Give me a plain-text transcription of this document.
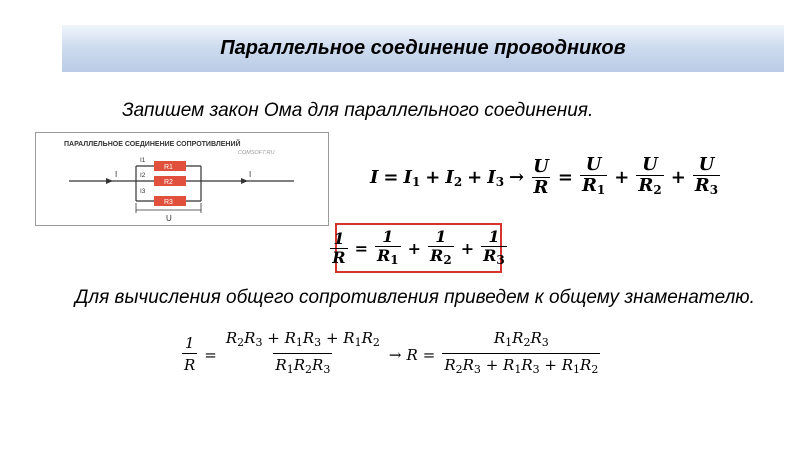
Параллельное соединение проводников
Запишем закон Ома для параллельного соединения.
ПАРАЛЛЕЛЬНОЕ СОЕДИНЕНИЕ СОПРОТИВЛЕНИЙ
COMSOFT.RU
I
R1
R2
R3
I1
I2
I3
I
U
$I = I_1 + I_2 + I_3 \to \frac{U}{R} = \frac{U}{R_1} + \frac{U}{R_2} + \frac{U}{R_3}$
$\frac{1}{R} = \frac{1}{R_1} + \frac{1}{R_2} + \frac{1}{R_3}$
Для вычисления общего сопротивления приведем к общему знаменателю.
$\frac{1}{R} = \frac{R_2R_3 + R_1R_3 + R_1R_2}{R_1R_2R_3} \to R = \frac{R_1R_2R_3}{R_2R_3 + R_1R_3 + R_1R_2}$
